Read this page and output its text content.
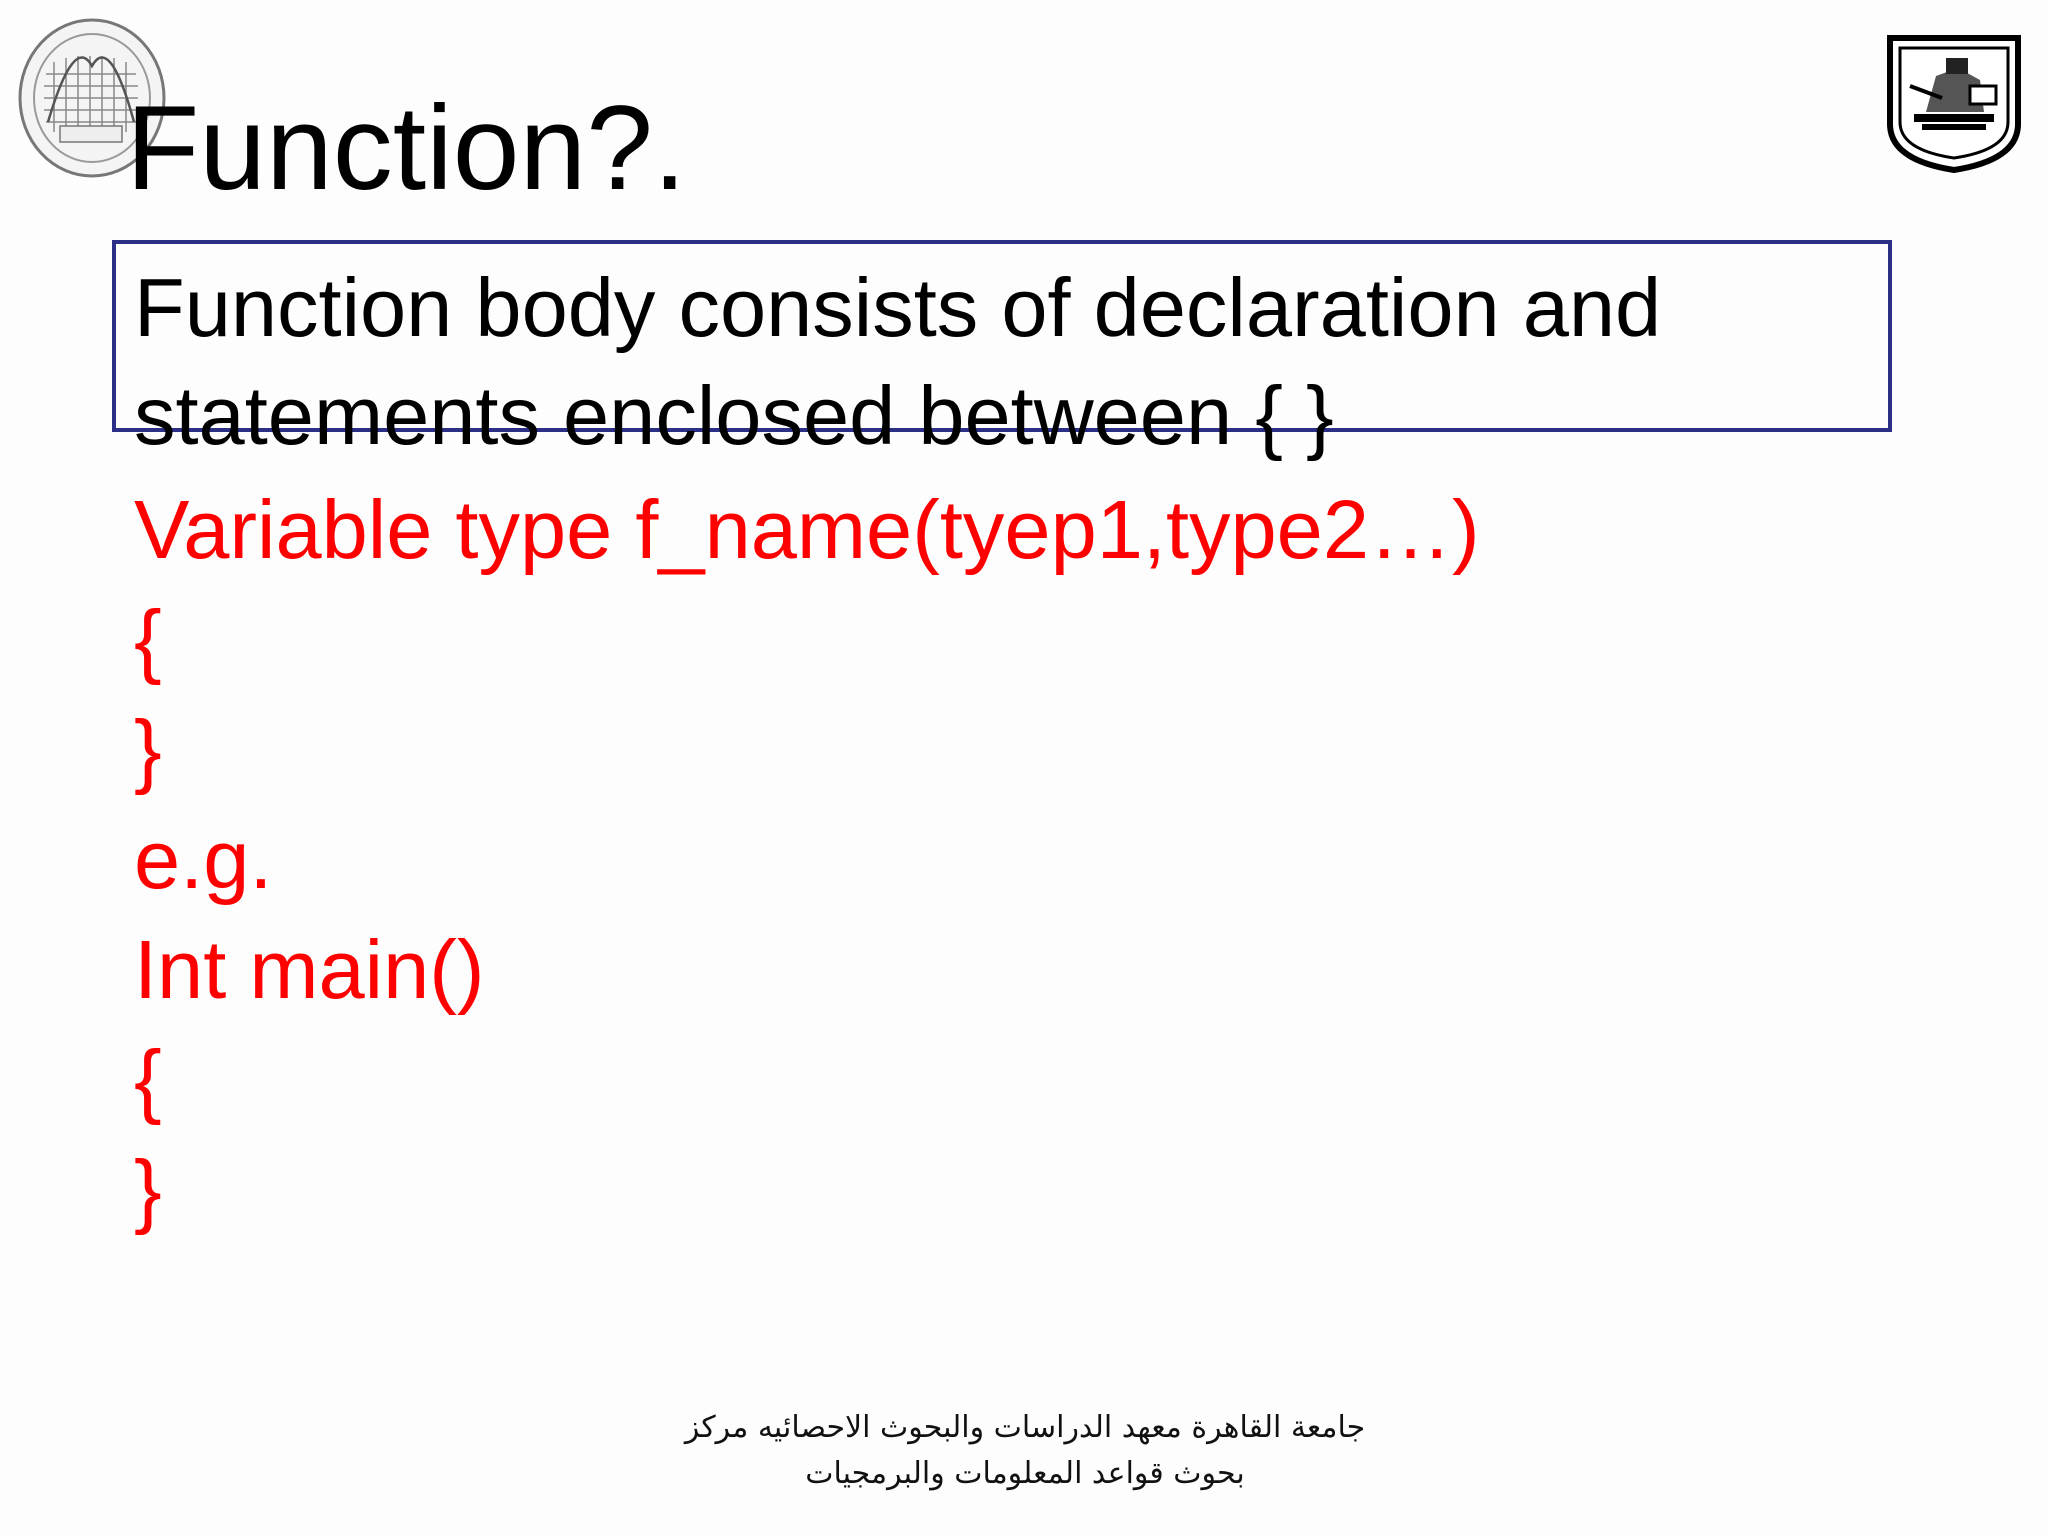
Function?.

Function body consists of declaration and statements enclosed between { }

Variable type f_name(tyep1,type2…)
{
}
e.g.
Int main()
{
}
جامعة القاهرة معهد الدراسات والبحوث الاحصائيه مركز بحوث قواعد المعلومات والبرمجيات
